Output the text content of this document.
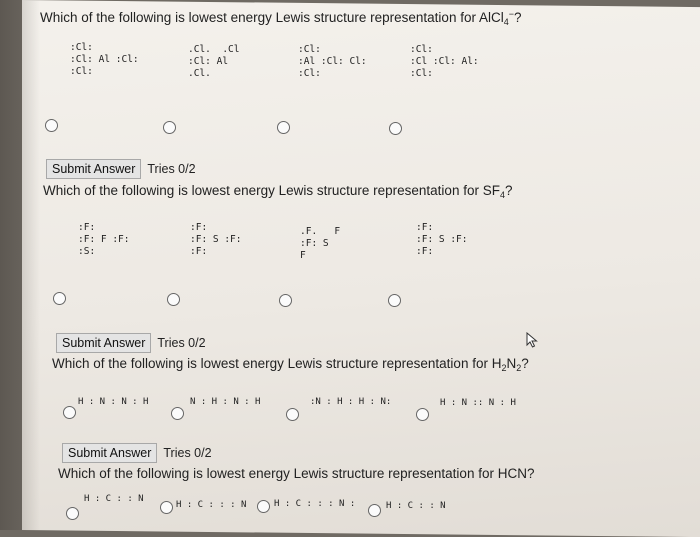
Which of the following is lowest energy Lewis structure representation for AlCl$_4$−?
:Cl:
:Cl: Al :Cl:
:Cl:
.Cl.  .Cl
:Cl: Al
.Cl.
:Cl:
:Al :Cl: Cl:
:Cl:
:Cl:
:Cl :Cl: Al:
:Cl:
Submit Answer Tries 0/2
Which of the following is lowest energy Lewis structure representation for $SF_4$?
:F:
:F: F :F:
:S:
:F:
:F: S :F:
:F:
.F.   F
:F: S
F
:F:
:F: S :F:
:F:
Submit Answer Tries 0/2
Which of the following is lowest energy Lewis structure representation for $H_2N_2$?
H : N : N : H	N : H : N : H	:N : H : H : N:	H : N :: N : H
Submit Answer Tries 0/2
Which of the following is lowest energy Lewis structure representation for HCN?
H : C : : N
H : C : : : N	H : C : : : N :	H : C : : N
